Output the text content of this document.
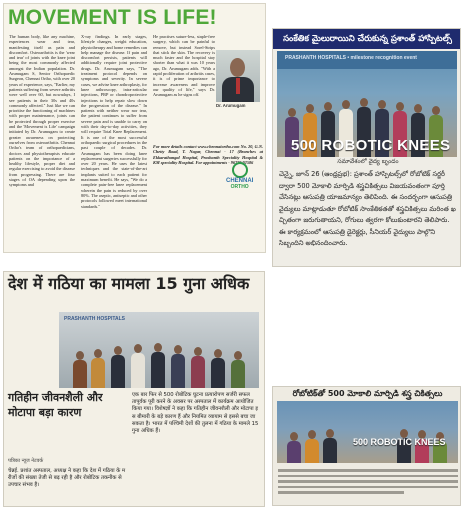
MOVEMENT IS LIFE!
The human body, like any machine, experiences wear and tear, manifesting itself as pain and discomfort. Osteoarthritis is the 'wear and tear' of joints with the knee joint being the most commonly affected amongst the Indian population. Dr. Arumugam S, Senior Orthopaedic Surgeon, Chennai Ortho, with over 20 years of experience, says, "Earlier, my patients suffering from severe arthritis were well over 60, but nowadays, I see patients in their 30s and 40s commonly affected." Just like we can prioritise the functioning of machines with proper maintenance, joints can be protected through proper exercise and the 'Movement is Life' campaign initiated by Dr. Arumugam to create greater awareness on protecting ourselves from osteoarthritis. Chennai Ortho's team of orthopaedicians, doctors and physiotherapists educate patients on the importance of a healthy lifestyle, proper diet and regular exercising to avoid the disease from progressing. There are four stages of OA depending upon the symptoms and
X-ray findings. In early stages, lifestyle changes, weight education, physiotherapy and home remedies can help manage the disease. If pain and discomfort persists, patients will additionally require joint protective drugs. Dr. Arumugam says, "The treatment protocol depends on symptoms and severity. In severe cases, we advise knee arthroplasty, for knee arthroscopy, intra-articular injections, PRP or chondroprotective injections to help repair slow down the progression of the disease." In patients with neither wear nor tear, the patient continues to suffer from severe pain and is unable to carry on with their day-to-day activities, they will require Total Knee Replacement. It is one of the most successful orthopaedic surgical procedures in the past couple of decades. Dr. Arumugam has been doing knee replacement surgeries successfully for over 20 years. He uses the latest techniques and the state-of-the-art implants suited to each patient for maximum benefit. He says, "We do a complete pain-free knee replacement wherein the pain is reduced by over 80%. The aseptic, antiseptic and other protocols followed meet international standards."
He practises suture-less, staple-free surgery, which can be painful to remove, but instead Sorel-Strips that stick the skin. The recovery is much faster and the hospital stay shorter than what it was 10 years ago, Dr. Arumugam adds. "With a rapid proliferation of arthritis cases, it is of prime importance to increase awareness and improve our quality of life," says Dr. Arumugam as he signs off.
For more details contact www.chennaiortho.com No. 20, G.N. Chetty Road, T. Nagar, Chennai - 17 (Branches at Ekkarathangal Hospital, Prashanth Speciality Hospital & KM speciality Hospital. For appointments - 96770 92586
Dr. Arumugam
CHENNAI
ORTHO
సంకేతిక మైలురాయిని చేరుకున్న ప్రశాంత్ హాస్పిటల్స్
PRASHANTH HOSPITALS • milestone recognition event
500 ROBOTIC KNEES
సమావేశంలో వైద్య బృందం
చెన్నై, జూన్ 26 (ఆంధ్రప్రభ): ప్రశాంత్ హాస్పిటల్స్‌లో రోబోటిక్ సర్జరీ ద్వారా 500 మోకాలి మార్పిడి శస్త్రచికిత్సలు విజయవంతంగా పూర్తి చేసినట్లు ఆసుపత్రి యాజమాన్యం తెలిపింది. ఈ సందర్భంగా ఆసుపత్రి వైద్యులు మాట్లాడుతూ రోబోటిక్ సాంకేతికతతో శస్త్రచికిత్సలు మరింత ఖచ్చితంగా జరుగుతాయని, రోగులు త్వరగా కోలుకుంటారని తెలిపారు. ఈ కార్యక్రమంలో ఆసుపత్రి డైరెక్టర్లు, సీనియర్ వైద్యులు పాల్గొని సిబ్బందిని అభినందించారు.
देश में गठिया का मामला 15 गुना अधिक
PRASHANTH HOSPITALS
गतिहीन जीवनशैली और मोटापा बड़ा कारण
पत्रिका न्यूज नेटवर्क
चेन्नई. प्रशांत अस्पताल, अध्यक्ष ने कहा कि देश में गठिया के मरीजों की संख्या तेजी से बढ़ रही है और रोबोटिक तकनीक से उपचार संभव है।
एक बार फिर से 500 रोबोटिक घुटना प्रत्यारोपण सर्जरी सफलतापूर्वक पूरी करने के अवसर पर अस्पताल में कार्यक्रम आयोजित किया गया। विशेषज्ञों ने कहा कि गतिहीन जीवनशैली और मोटापा इस बीमारी के बड़े कारण हैं और नियमित व्यायाम से इससे बचा जा सकता है। भारत में पश्चिमी देशों की तुलना में गठिया के मामले 15 गुना अधिक हैं।
రోబోటిక్‌తో 500 మోకాలి మార్పిడి శస్త్ర చికిత్సలు
500 ROBOTIC KNEES
